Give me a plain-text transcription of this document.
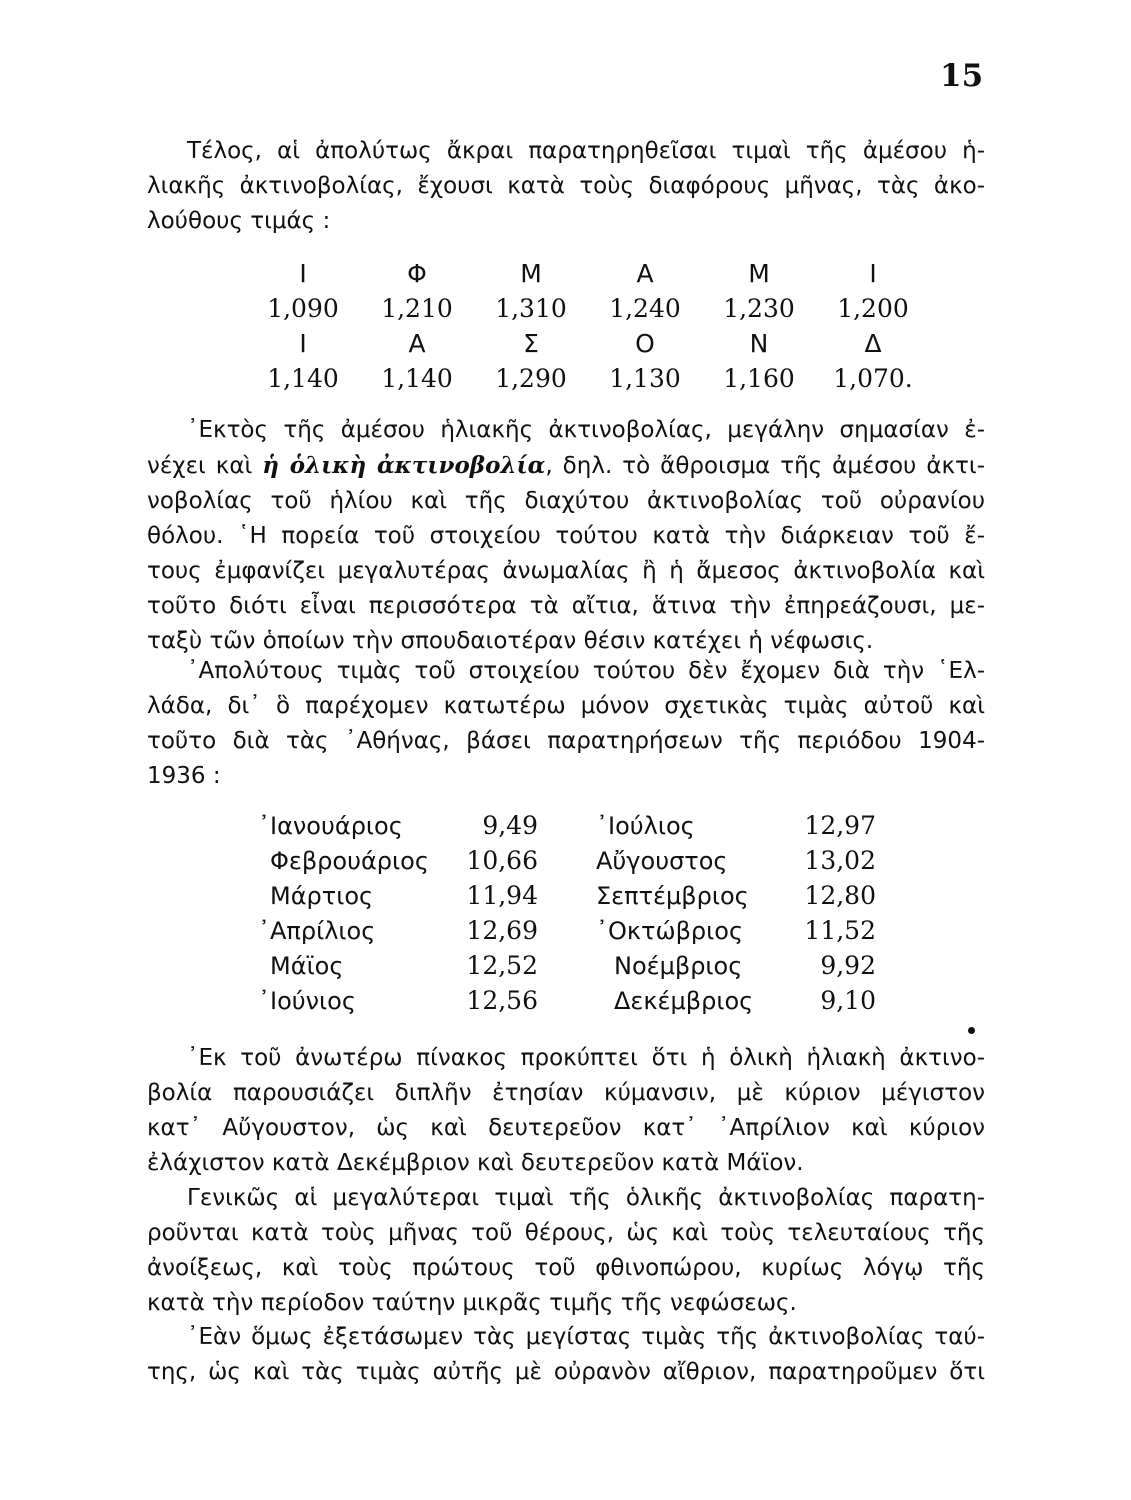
15
Τέλος, αἱ ἀπολύτως ἄκραι παρατηρηθεῖσαι τιμαὶ τῆς ἀμέσου ἡ-
λιακῆς ἀκτινοβολίας, ἔχουσι κατὰ τοὺς διαφόρους μῆνας, τὰς ἀκο-
λούθους τιμάς :
Ι	Φ	Μ	Α	Μ	Ι
1,090	1,210	1,310	1,240	1,230	1,200
Ι	Α	Σ	Ο	Ν	Δ
1,140	1,140	1,290	1,130	1,160	1,070.
᾿Εκτὸς τῆς ἀμέσου ἡλιακῆς ἀκτινοβολίας, μεγάλην σημασίαν ἐ-
νέχει καὶ ἡ ὁλικὴ ἀκτινοβολία, δηλ. τὸ ἄθροισμα τῆς ἀμέσου ἀκτι-
νοβολίας τοῦ ἡλίου καὶ τῆς διαχύτου ἀκτινοβολίας τοῦ οὐρανίου
θόλου. ῾Η πορεία τοῦ στοιχείου τούτου κατὰ τὴν διάρκειαν τοῦ ἔ-
τους ἐμφανίζει μεγαλυτέρας ἀνωμαλίας ἢ ἡ ἄμεσος ἀκτινοβολία καὶ
τοῦτο διότι εἶναι περισσότερα τὰ αἴτια, ἅτινα τὴν ἐπηρεάζουσι, με-
ταξὺ τῶν ὁποίων τὴν σπουδαιοτέραν θέσιν κατέχει ἡ νέφωσις.
᾿Απολύτους τιμὰς τοῦ στοιχείου τούτου δὲν ἔχομεν διὰ τὴν ῾Ελ-
λάδα, δι᾿ ὃ παρέχομεν κατωτέρω μόνον σχετικὰς τιμὰς αὐτοῦ καὶ
τοῦτο διὰ τὰς ᾿Αθήνας, βάσει παρατηρήσεων τῆς περιόδου 1904-
1936 :
᾿Ιανουάριος	9,49 ᾿Ιούλιος	12,97
Φεβρουάριος	10,66 Αὔγουστος	13,02
Μάρτιος	11,94 Σεπτέμβριος	12,80
᾿Απρίλιος	12,69 ᾿Οκτώβριος	11,52
Μάϊος	12,52	Νοέμβριος	9,92
᾿Ιούνιος	12,56	Δεκέμβριος	9,10
᾿Εκ τοῦ ἀνωτέρω πίνακος προκύπτει ὅτι ἡ ὁλικὴ ἡλιακὴ ἀκτινο-
βολία παρουσιάζει διπλῆν ἐτησίαν κύμανσιν, μὲ κύριον μέγιστον
κατ᾿ Αὔγουστον, ὡς καὶ δευτερεῦον κατ᾿ ᾿Απρίλιον καὶ κύριον
ἐλάχιστον κατὰ Δεκέμβριον καὶ δευτερεῦον κατὰ Μάϊον.
Γενικῶς αἱ μεγαλύτεραι τιμαὶ τῆς ὁλικῆς ἀκτινοβολίας παρατη-
ροῦνται κατὰ τοὺς μῆνας τοῦ θέρους, ὡς καὶ τοὺς τελευταίους τῆς
ἀνοίξεως, καὶ τοὺς πρώτους τοῦ φθινοπώρου, κυρίως λόγῳ τῆς
κατὰ τὴν περίοδον ταύτην μικρᾶς τιμῆς τῆς νεφώσεως.
᾿Εὰν ὅμως ἐξετάσωμεν τὰς μεγίστας τιμὰς τῆς ἀκτινοβολίας ταύ-
της, ὡς καὶ τὰς τιμὰς αὐτῆς μὲ οὐρανὸν αἴθριον, παρατηροῦμεν ὅτι
